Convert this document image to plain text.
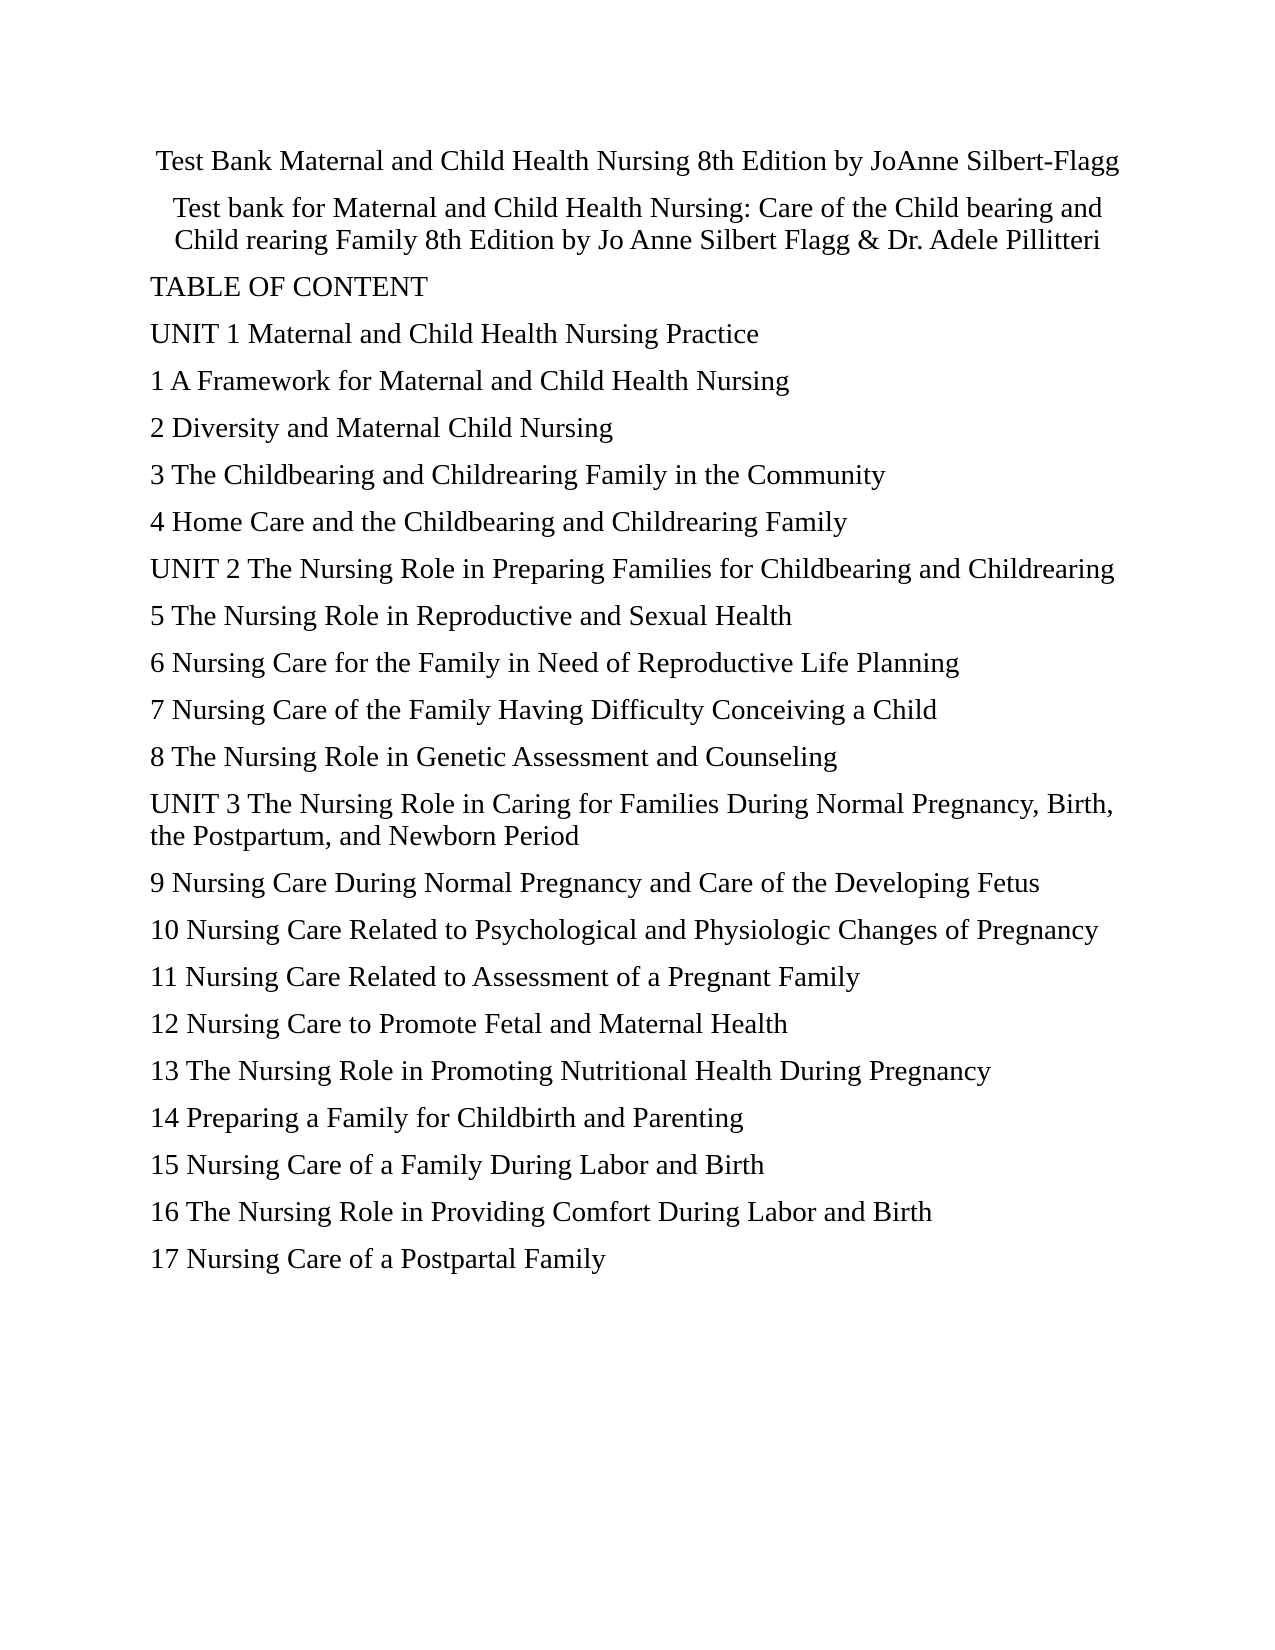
Test Bank Maternal and Child Health Nursing 8th Edition by JoAnne Silbert-Flagg
Test bank for Maternal and Child Health Nursing: Care of the Child bearing and Child rearing Family 8th Edition by Jo Anne Silbert Flagg & Dr. Adele Pillitteri

TABLE OF CONTENT

UNIT 1 Maternal and Child Health Nursing Practice

1 A Framework for Maternal and Child Health Nursing

2 Diversity and Maternal Child Nursing

3 The Childbearing and Childrearing Family in the Community

4 Home Care and the Childbearing and Childrearing Family

UNIT 2 The Nursing Role in Preparing Families for Childbearing and Childrearing

5 The Nursing Role in Reproductive and Sexual Health

6 Nursing Care for the Family in Need of Reproductive Life Planning

7 Nursing Care of the Family Having Difficulty Conceiving a Child

8 The Nursing Role in Genetic Assessment and Counseling

UNIT 3 The Nursing Role in Caring for Families During Normal Pregnancy, Birth, the Postpartum, and Newborn Period

9 Nursing Care During Normal Pregnancy and Care of the Developing Fetus

10 Nursing Care Related to Psychological and Physiologic Changes of Pregnancy

11 Nursing Care Related to Assessment of a Pregnant Family

12 Nursing Care to Promote Fetal and Maternal Health

13 The Nursing Role in Promoting Nutritional Health During Pregnancy

14 Preparing a Family for Childbirth and Parenting

15 Nursing Care of a Family During Labor and Birth

16 The Nursing Role in Providing Comfort During Labor and Birth

17 Nursing Care of a Postpartal Family
